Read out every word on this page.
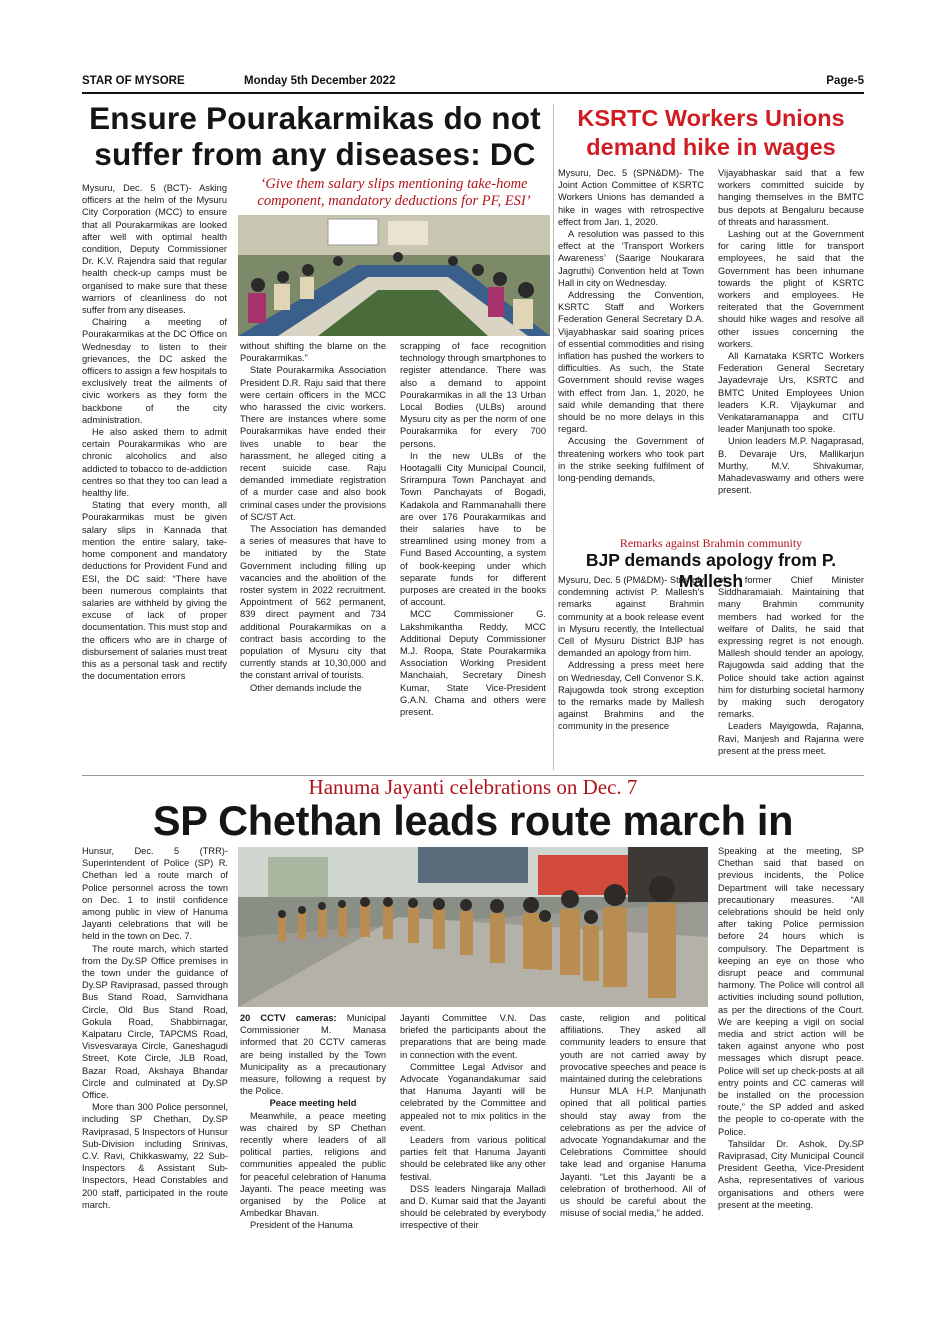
STAR OF MYSORE	Monday 5th December 2022	Page-5
Ensure Pourakarmikas do not suffer from any diseases: DC
‘Give them salary slips mentioning take-home component, mandatory deductions for PF, ESI’

Mysuru, Dec. 5 (BCT)- Asking officers at the helm of the Mysuru City Corporation (MCC) to ensure that all Pourakarmikas are looked after well with optimal health condition, Deputy Commissioner Dr. K.V. Rajendra said that regular health check-up camps must be organised to make sure that these warriors of cleanliness do not suffer from any diseases.

Chairing a meeting of Pourakarmikas at the DC Office on Wednesday to listen to their grievances, the DC asked the officers to assign a few hospitals to exclusively treat the ailments of civic workers as they form the backbone of the city administration.

He also asked them to admit certain Pourakarmikas who are chronic alcoholics and also addicted to tobacco to de-addiction centres so that they too can lead a healthy life.

Stating that every month, all Pourakarmikas must be given salary slips in Kannada that mention the entire salary, take-home component and mandatory deductions for Provident Fund and ESI, the DC said: “There have been numerous complaints that salaries are withheld by giving the excuse of lack of proper documentation. This must stop and the officers who are in charge of disbursement of salaries must treat this as a personal task and rectify the documentation errors

without shifting the blame on the Pourakarmikas.”

State Pourakarmika Association President D.R. Raju said that there were certain officers in the MCC who harassed the civic workers. There are instances where some Pourakarmikas have ended their lives unable to bear the harassment, he alleged citing a recent suicide case. Raju demanded immediate registration of a murder case and also book criminal cases under the provisions of SC/ST Act.

The Association has demanded a series of measures that have to be initiated by the State Government including filling up vacancies and the abolition of the roster system in 2022 recruitment. Appointment of 562 permanent, 839 direct payment and 734 additional Pourakarmikas on a contract basis according to the population of Mysuru city that currently stands at 10,30,000 and the constant arrival of tourists.

Other demands include the

scrapping of face recognition technology through smartphones to register attendance. There was also a demand to appoint Pourakarmikas in all the 13 Urban Local Bodies (ULBs) around Mysuru city as per the norm of one Pourakarmika for every 700 persons.

In the new ULBs of the Hootagalli City Municipal Council, Srirampura Town Panchayat and Town Panchayats of Bogadi, Kadakola and Rammanahalli there are over 176 Pourakarmikas and their salaries have to be streamlined using money from a Fund Based Accounting, a system of book-keeping under which separate funds for different purposes are created in the books of account.

MCC Commissioner G. Lakshmikantha Reddy, MCC Additional Deputy Commissioner M.J. Roopa, State Pourakarmika Association Working President Manchaiah, Secretary Dinesh Kumar, State Vice-President G.A.N. Chama and others were present.

KSRTC Workers Unions demand hike in wages

Mysuru, Dec. 5 (SPN&DM)- The Joint Action Committee of KSRTC Workers Unions has demanded a hike in wages with retrospective effect from Jan. 1, 2020.

A resolution was passed to this effect at the ‘Transport Workers Awareness’ (Saarige Noukarara Jagruthi) Convention held at Town Hall in city on Wednesday.

Addressing the Convention, KSRTC Staff and Workers Federation General Secretary D.A. Vijayabhaskar said soaring prices of essential commodities and rising inflation has pushed the workers to difficulties. As such, the State Government should revise wages with effect from Jan. 1, 2020, he said while demanding that there should be no more delays in this regard.

Accusing the Government of threatening workers who took part in the strike seeking fulfilment of long-pending demands,

Vijayabhaskar said that a few workers committed suicide by hanging themselves in the BMTC bus depots at Bengaluru because of threats and harassment.

Lashing out at the Government for caring little for transport employees, he said that the Government has been inhumane towards the plight of KSRTC workers and employees. He reiterated that the Government should hike wages and resolve all other issues concerning the workers.

All Karnataka KSRTC Workers Federation General Secretary Jayadevraje Urs, KSRTC and BMTC United Employees Union leaders K.R. Vijaykumar and Venkataramanappa and CITU leader Manjunath too spoke.

Union leaders M.P. Nagaprasad, B. Devaraje Urs, Mallikarjun Murthy, M.V. Shivakumar, Mahadevaswamy and others were present.

Remarks against Brahmin community
BJP demands apology from P. Mallesh

Mysuru, Dec. 5 (PM&DM)- Strongly condemning activist P. Mallesh’s remarks against Brahmin community at a book release event in Mysuru recently, the Intellectual Cell of Mysuru District BJP has demanded an apology from him.

Addressing a press meet here on Wednesday, Cell Convenor S.K. Rajugowda took strong exception to the remarks made by Mallesh against Brahmins and the community in the presence

of former Chief Minister Siddharamaiah. Maintaining that many Brahmin community members had worked for the welfare of Dalits, he said that expressing regret is not enough. Mallesh should tender an apology, Rajugowda said adding that the Police should take action against him for disturbing societal harmony by making such derogatory remarks.

Leaders Mayigowda, Rajanna, Ravi, Manjesh and Rajanna were present at the press meet.

Hanuma Jayanti celebrations on Dec. 7
SP Chethan leads route march in

Hunsur, Dec. 5 (TRR)- Superintendent of Police (SP) R. Chethan led a route march of Police personnel across the town on Dec. 1 to instil confidence among public in view of Hanuma Jayanti celebrations that will be held in the town on Dec. 7.

The route march, which started from the Dy.SP Office premises in the town under the guidance of Dy.SP Raviprasad, passed through Bus Stand Road, Samvidhana Circle, Old Bus Stand Road, Gokula Road, Shabbirnagar, Kalpataru Circle, TAPCMS Road, Visvesvaraya Circle, Ganeshagudi Street, Kote Circle, JLB Road, Bazar Road, Akshaya Bhandar Circle and culminated at Dy.SP Office.

More than 300 Police personnel, including SP Chethan, Dy.SP Raviprasad, 5 Inspectors of Hunsur Sub-Division including Srinivas, C.V. Ravi, Chikkaswamy, 22 Sub-Inspectors & Assistant Sub-Inspectors, Head Constables and 200 staff, participated in the route march.

20 CCTV cameras: Municipal Commissioner M. Manasa informed that 20 CCTV cameras are being installed by the Town Municipality as a precautionary measure, following a request by the Police.

Peace meeting held

Meanwhile, a peace meeting was chaired by SP Chethan recently where leaders of all political parties, religions and communities appealed the public for peaceful celebration of Hanuma Jayanti. The peace meeting was organised by the Police at Ambedkar Bhavan.

President of the Hanuma

Jayanti Committee V.N. Das briefed the participants about the preparations that are being made in connection with the event.

Committee Legal Advisor and Advocate Yoganandakumar said that Hanuma Jayanti will be celebrated by the Committee and appealed not to mix politics in the event.

Leaders from various political parties felt that Hanuma Jayanti should be celebrated like any other festival.

DSS leaders Ningaraja Malladi and D. Kumar said that the Jayanti should be celebrated by everybody irrespective of their

caste, religion and political affiliations. They asked all community leaders to ensure that youth are not carried away by provocative speeches and peace is maintained during the celebrations

Hunsur MLA H.P. Manjunath opined that all political parties should stay away from the celebrations as per the advice of advocate Yognandakumar and the Celebrations Committee should take lead and organise Hanuma Jayanti. “Let this Jayanti be a celebration of brotherhood. All of us should be careful about the misuse of social media,” he added.

Speaking at the meeting, SP Chethan said that based on previous incidents, the Police Department will take necessary precautionary measures. “All celebrations should be held only after taking Police permission before 24 hours which is compulsory. The Department is keeping an eye on those who disrupt peace and communal harmony. The Police will control all activities including sound pollution, as per the directions of the Court. We are keeping a vigil on social media and strict action will be taken against anyone who post messages which disrupt peace. Police will set up check-posts at all entry points and CC cameras will be installed on the procession route,” the SP added and asked the people to co-operate with the Police.

Tahsildar Dr. Ashok, Dy.SP Raviprasad, City Municipal Council President Geetha, Vice-President Asha, representatives of various organisations and others were present at the meeting.
